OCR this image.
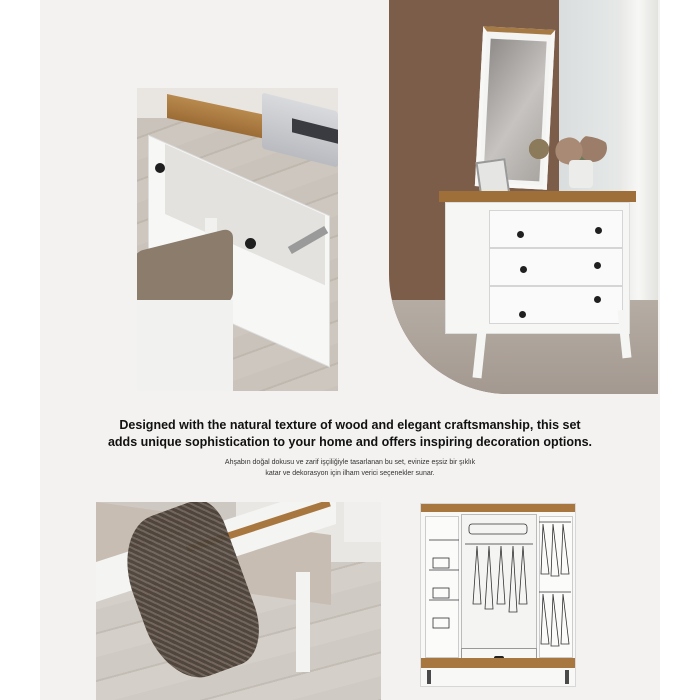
Designed with the natural texture of wood and elegant craftsmanship, this set
adds unique sophistication to your home and offers inspiring decoration options.
Ahşabın doğal dokusu ve zarif işçiliğiyle tasarlanan bu set, evinize eşsiz bir şıklık
katar ve dekorasyon için ilham verici seçenekler sunar.
